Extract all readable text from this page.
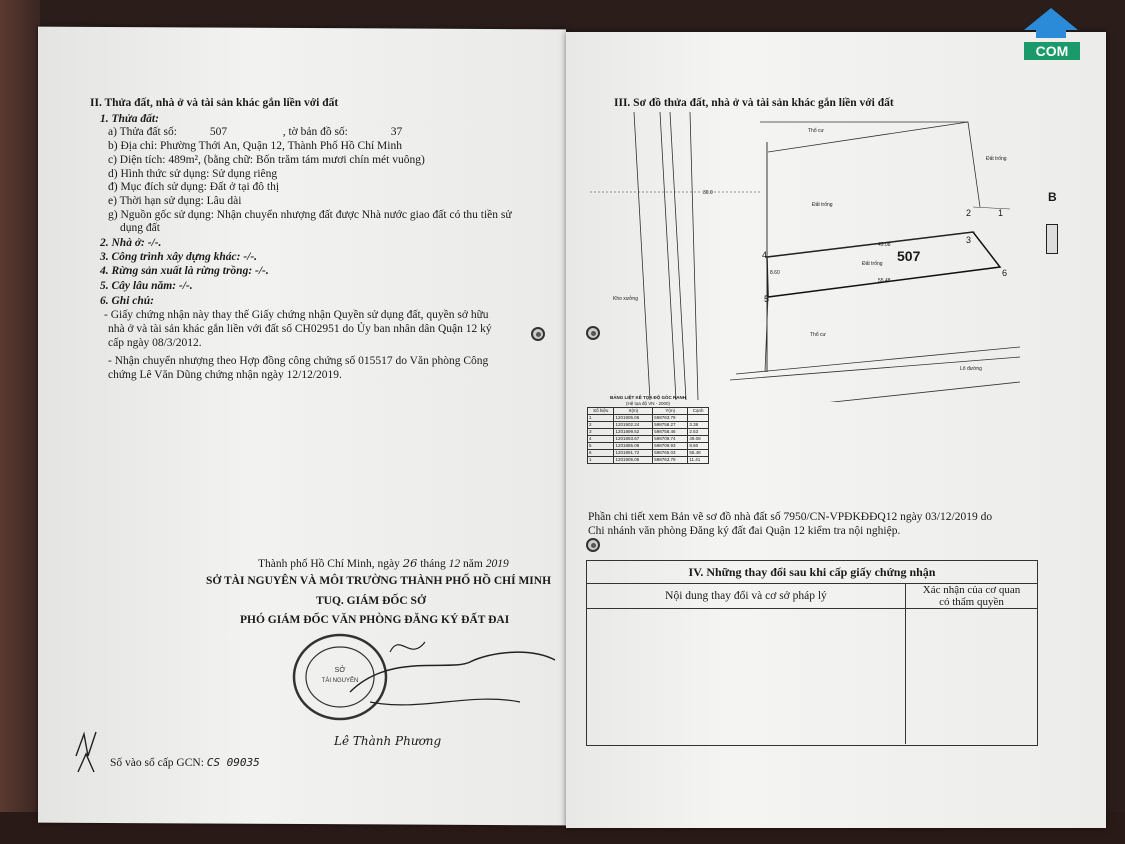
II. Thửa đất, nhà ở và tài sản khác gắn liền với đất
1. Thửa đất:
a) Thửa đất số:	507	, tờ bản đồ số:	37
b) Địa chỉ: Phường Thới An, Quận 12, Thành Phố Hồ Chí Minh
c) Diện tích: 489m², (bằng chữ: Bốn trăm tám mươi chín mét vuông)
d) Hình thức sử dụng: Sử dụng riêng
đ) Mục đích sử dụng: Đất ở tại đô thị
e) Thời hạn sử dụng: Lâu dài
g) Nguồn gốc sử dụng: Nhận chuyển nhượng đất được Nhà nước giao đất có thu tiền sử
dụng đất
2. Nhà ở: -/-.
3. Công trình xây dựng khác: -/-.
4. Rừng sản xuất là rừng trồng: -/-.
5. Cây lâu năm: -/-.
6. Ghi chú:
- Giấy chứng nhận này thay thế Giấy chứng nhận Quyền sử dụng đất, quyền sở hữu
nhà ở và tài sản khác gắn liền với đất số CH02951 do Ủy ban nhân dân Quận 12 ký
cấp ngày 08/3/2012.
- Nhận chuyển nhượng theo Hợp đồng công chứng số 015517 do Văn phòng Công
chứng Lê Văn Dũng chứng nhận ngày 12/12/2019.
Thành phố Hồ Chí Minh, ngày 26 tháng 12 năm 2019
SỞ TÀI NGUYÊN VÀ MÔI TRƯỜNG THÀNH PHỐ HỒ CHÍ MINH
TUQ. GIÁM ĐỐC SỞ
PHÓ GIÁM ĐỐC VĂN PHÒNG ĐĂNG KÝ ĐẤT ĐAI
SỞ
TÀI NGUYÊN
Lê Thành Phương
Số vào sổ cấp GCN: CS 09035
III. Sơ đồ thửa đất, nhà ở và tài sản khác gắn liền với đất
507
2	1
3
4
5
6
Thổ cư
Đất trống
Đất trống
Đất trống
Thổ cư
Kho xưởng
Lô đường
30.0
49.08
55.48
8.60
B
BẢNG LIỆT KÊ TỌA ĐỘ GÓC RANH
(Hệ tọa độ VN - 2000)
Số hiệu	X(m)	Y(m)	Cạnh
1	1201905.06	598763.79	
2	1201902.24	598758.27	3.38
3	1201899.52	598758.46	2.63
4	1201893.67	598709.74	49.08
5	1201885.08	598709.93	8.60
6	1201891.72	598765.03	55.48
1	1201905.06	598763.79	11.41
Phần chi tiết xem Bản vẽ sơ đồ nhà đất số 7950/CN-VPĐKĐĐQ12 ngày 03/12/2019 do
Chi nhánh văn phòng Đăng ký đất đai Quận 12 kiểm tra nội nghiệp.
IV. Những thay đổi sau khi cấp giấy chứng nhận
Nội dung thay đổi và cơ sở pháp lý	Xác nhận của cơ quan
có thẩm quyền
COM
